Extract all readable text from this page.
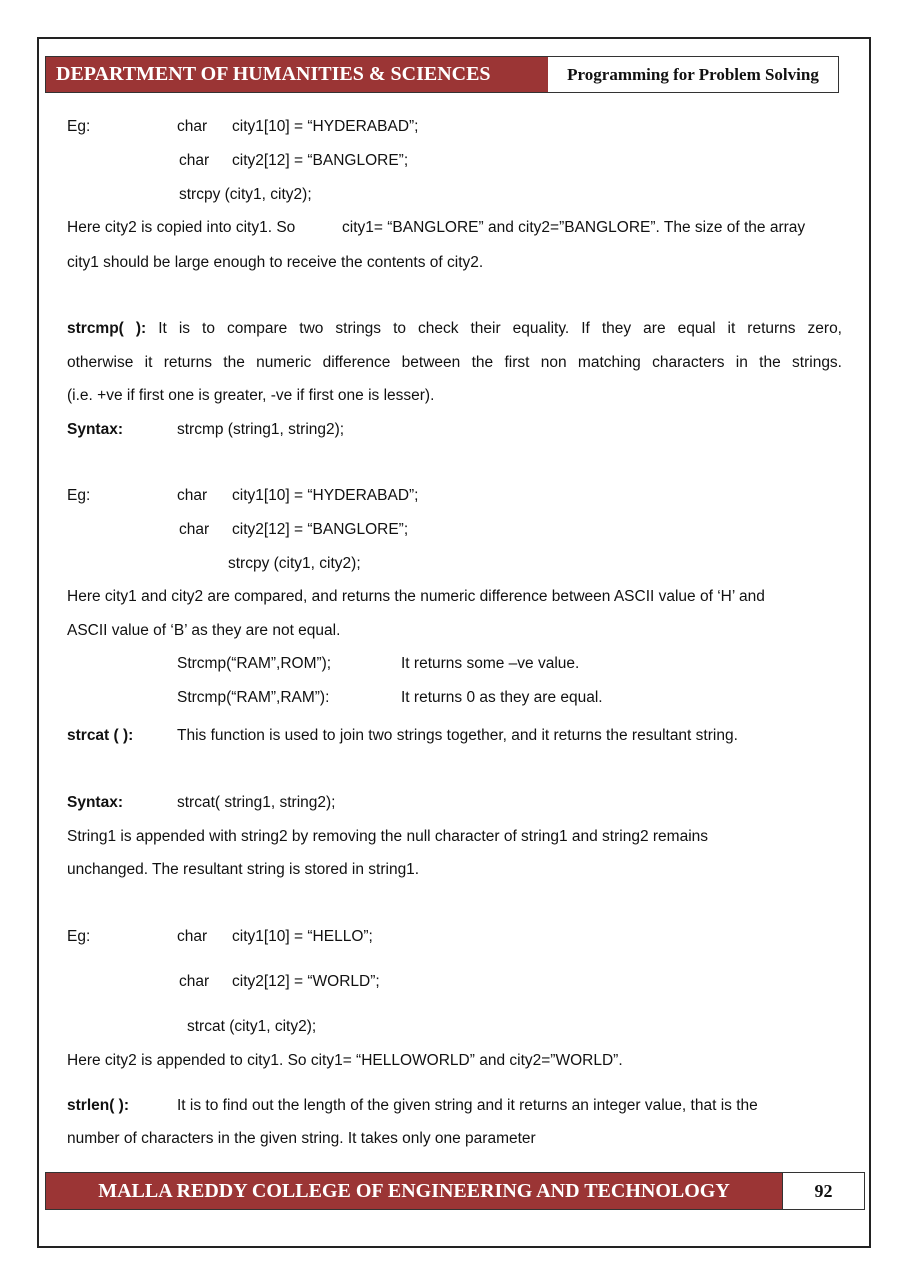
DEPARTMENT OF HUMANITIES & SCIENCES	Programming for Problem Solving
Eg:	char city1[10] = “HYDERABAD”;
char city2[12] = “BANGLORE”;
strcpy (city1, city2);
Here city2 is copied into city1. So	city1= “BANGLORE” and city2=”BANGLORE”. The size of the array
city1 should be large enough to receive the contents of city2.
strcmp( ): It is to compare two strings to check their equality. If they are equal it returns zero,
otherwise it returns the numeric difference between the first non matching characters in the strings.
(i.e. +ve if first one is greater, -ve if first one is lesser).
Syntax:	strcmp (string1, string2);
Eg:	char city1[10] = “HYDERABAD”;
char city2[12] = “BANGLORE”;
strcpy (city1, city2);
Here city1 and city2 are compared, and returns the numeric difference between ASCII value of ‘H’ and
ASCII value of ‘B’ as they are not equal.
Strcmp(“RAM”,ROM”);	It returns some –ve value.
Strcmp(“RAM”,RAM”):	It returns 0 as they are equal.
strcat ( ):	This function is used to join two strings together, and it returns the resultant string.
Syntax:	strcat( string1, string2);
String1 is appended with string2 by removing the null character of string1 and string2 remains
unchanged. The resultant string is stored in string1.
Eg:	char city1[10] = “HELLO”;
char city2[12] = “WORLD”;
strcat (city1, city2);
Here city2 is appended to city1. So city1= “HELLOWORLD” and city2=”WORLD”.
strlen( ):	It is to find out the length of the given string and it returns an integer value, that is the
number of characters in the given string. It takes only one parameter
MALLA REDDY COLLEGE OF ENGINEERING AND TECHNOLOGY	92
